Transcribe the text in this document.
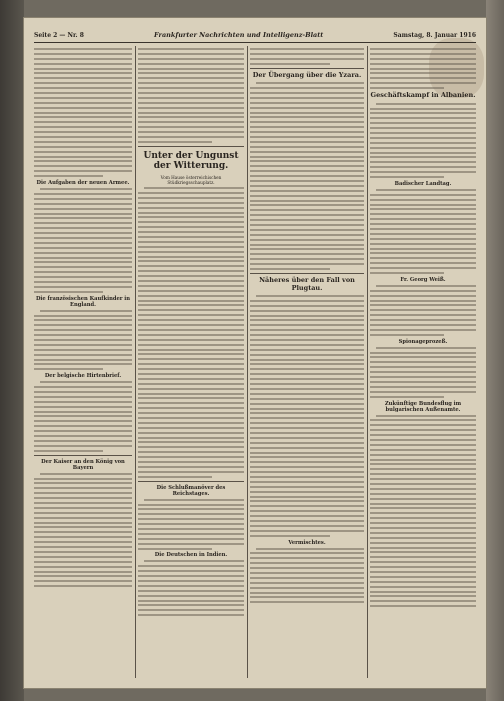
Seite 2 — Nr. 8	Frankfurter Nachrichten und Intelligenz-Blatt	Samstag, 8. Januar 1916
Die Aufgaben der neuen Armee.
Die französischen Kaufkinder in England.
Der belgische Hirtenbrief.
Der Kaiser an den König von Bayern
Unter der Ungunst der Witterung.
Vom Hause österreichischen Stüdkriegsschauplatz.
Die Schlußmanöver des Reichstages.
Die Deutschen in Indien.
Der Übergang über die Yzara.
Näheres über den Fall von Plugtau.
Vermischtes.
Geschäftskampf in Albanien.
Badischer Landtag.
Fr. Georg Weiß.
Spionageprozeß.
Zukünftige Bundesflug im bulgarischen Außenamte.
